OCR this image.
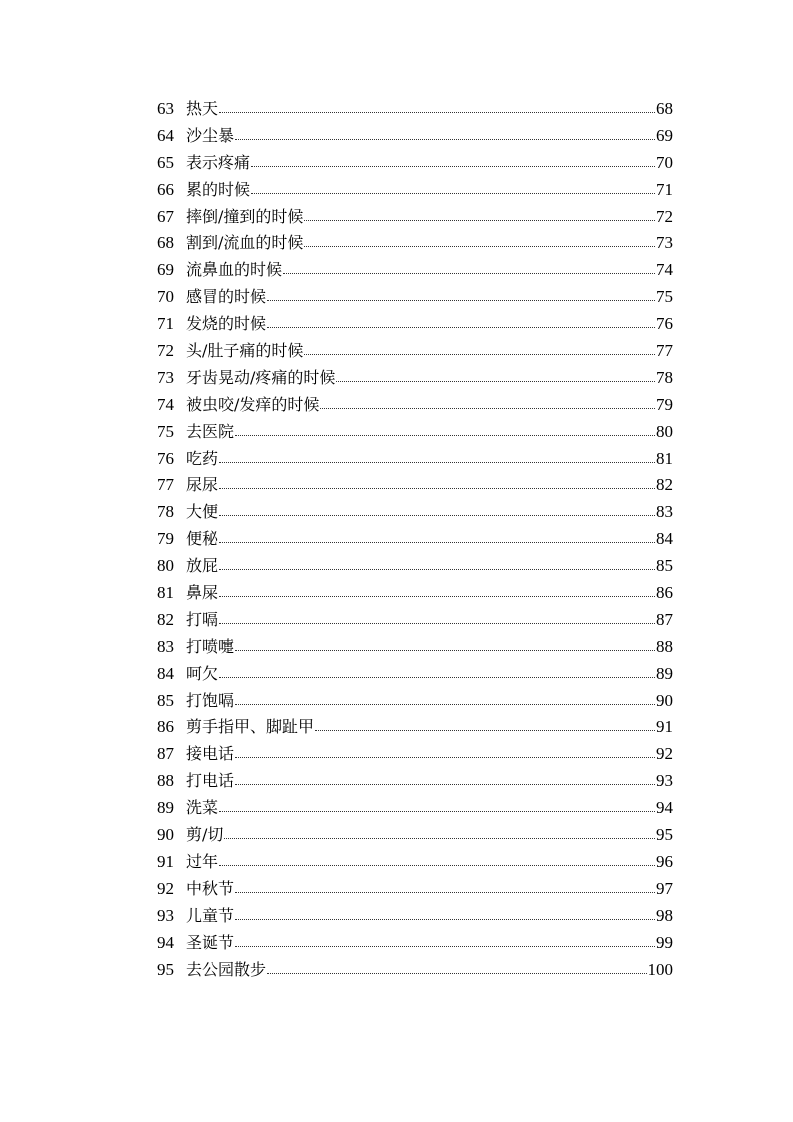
63 热天	68
64 沙尘暴	69
65 表示疼痛	70
66 累的时候	71
67 摔倒/撞到的时候	72
68 割到/流血的时候	73
69 流鼻血的时候	74
70 感冒的时候	75
71 发烧的时候	76
72 头/肚子痛的时候	77
73 牙齿晃动/疼痛的时候	78
74 被虫咬/发痒的时候	79
75 去医院	80
76 吃药	81
77 尿尿	82
78 大便	83
79 便秘	84
80 放屁	85
81 鼻屎	86
82 打嗝	87
83 打喷嚏	88
84 呵欠	89
85 打饱嗝	90
86 剪手指甲、脚趾甲	91
87 接电话	92
88 打电话	93
89 洗菜	94
90 剪/切	95
91 过年	96
92 中秋节	97
93 儿童节	98
94 圣诞节	99
95 去公园散步	100
